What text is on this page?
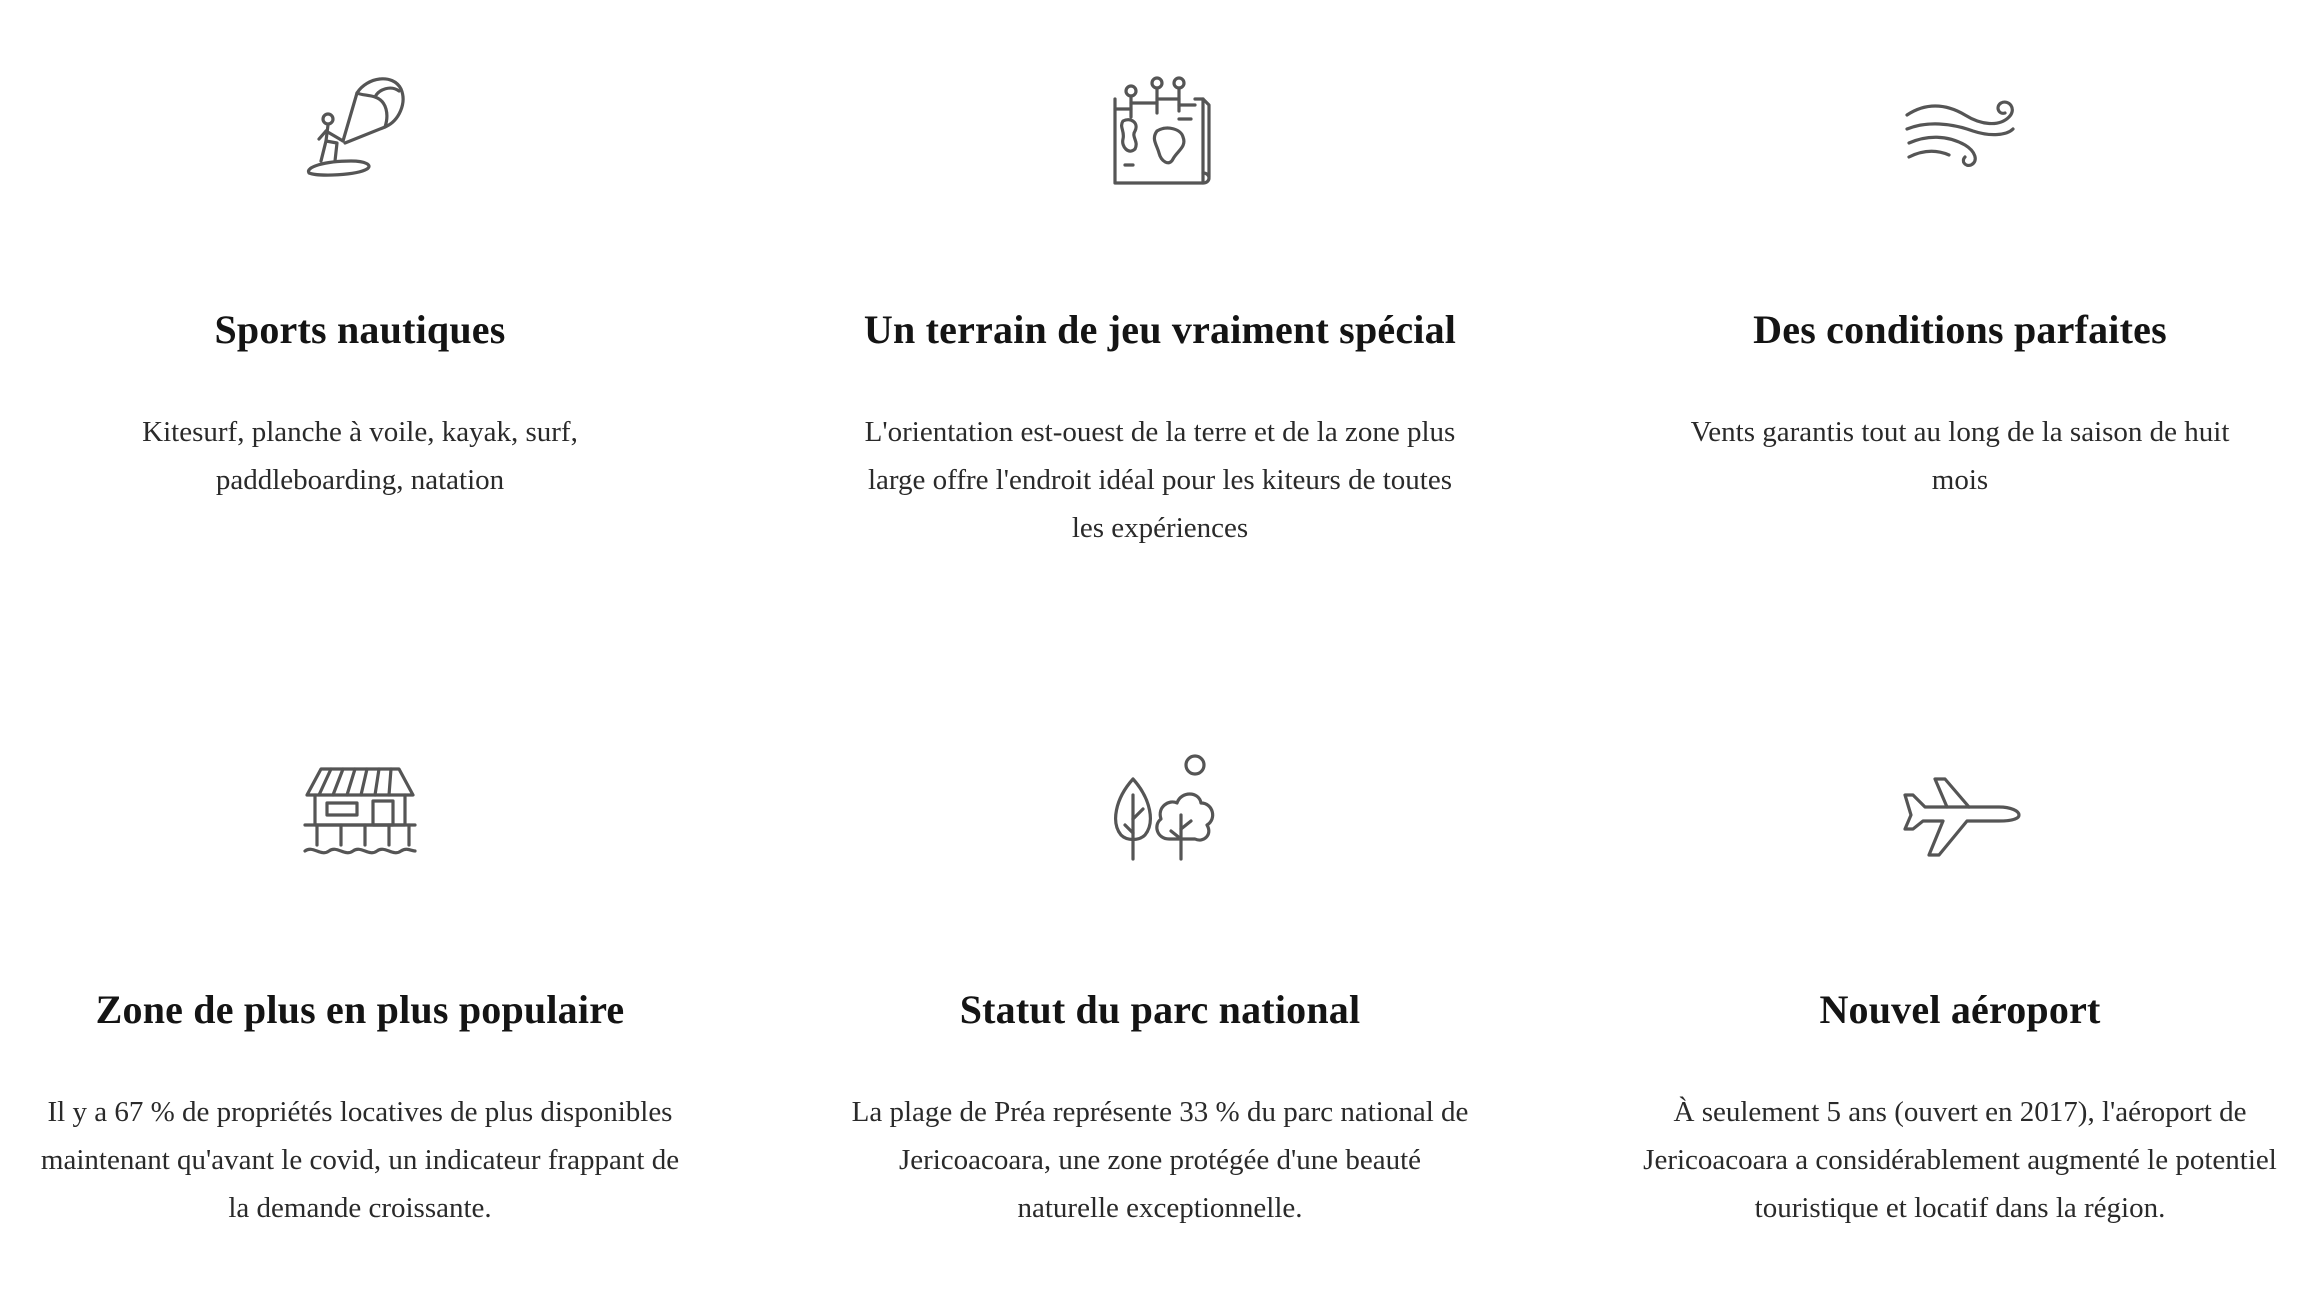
Sports nautiques
Kitesurf, planche à voile, kayak, surf, paddleboarding, natation
Un terrain de jeu vraiment spécial
L'orientation est-ouest de la terre et de la zone plus large offre l'endroit idéal pour les kiteurs de toutes les expériences
Des conditions parfaites
Vents garantis tout au long de la saison de huit mois
Zone de plus en plus populaire
Il y a 67 % de propriétés locatives de plus disponibles maintenant qu'avant le covid, un indicateur frappant de la demande croissante.
Statut du parc national
La plage de Préa représente 33 % du parc national de Jericoacoara, une zone protégée d'une beauté naturelle exceptionnelle.
Nouvel aéroport
À seulement 5 ans (ouvert en 2017), l'aéroport de Jericoacoara a considérablement augmenté le potentiel touristique et locatif dans la région.
